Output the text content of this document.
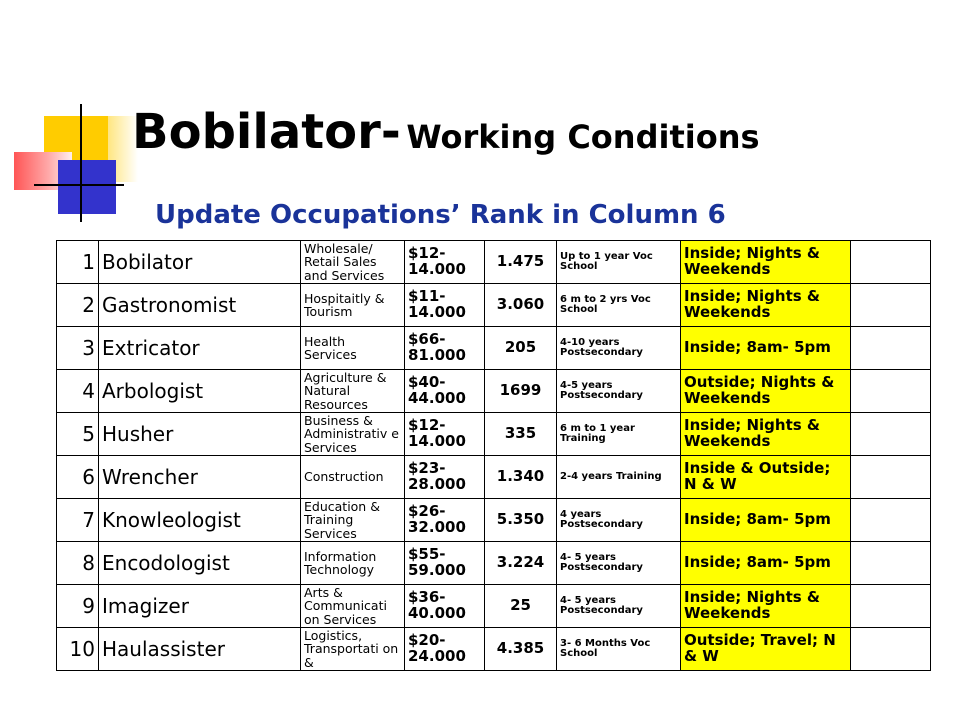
Bobilator- Working Conditions
Update Occupations’ Rank in Column 6
1	Bobilator	Wholesale/ Retail Sales and Services	$12- 14.000	1.475	Up to 1 year Voc School	Inside; Nights & Weekends	
2	Gastronomist	Hospitaitly & Tourism	$11- 14.000	3.060	6 m to 2 yrs Voc School	Inside; Nights & Weekends	
3	Extricator	Health Services	$66- 81.000	205	4-10 years Postsecondary	Inside; 8am- 5pm	
4	Arbologist	Agriculture & Natural Resources	$40- 44.000	1699	4-5 years Postsecondary	Outside; Nights & Weekends	
5	Husher	Business & Administrativ e Services	$12- 14.000	335	6 m to 1 year Training	Inside; Nights & Weekends	
6	Wrencher	Construction	$23- 28.000	1.340	2-4 years Training	Inside & Outside; N & W	
7	Knowleologist	Education & Training Services	$26- 32.000	5.350	4 years Postsecondary	Inside; 8am- 5pm	
8	Encodologist	Information Technology	$55- 59.000	3.224	4- 5 years Postsecondary	Inside; 8am- 5pm	
9	Imagizer	Arts & Communicati on Services	$36- 40.000	25	4- 5 years Postsecondary	Inside; Nights & Weekends	
10	Haulassister	Logistics, Transportati on &	$20- 24.000	4.385	3- 6 Months Voc School	Outside; Travel; N & W	
